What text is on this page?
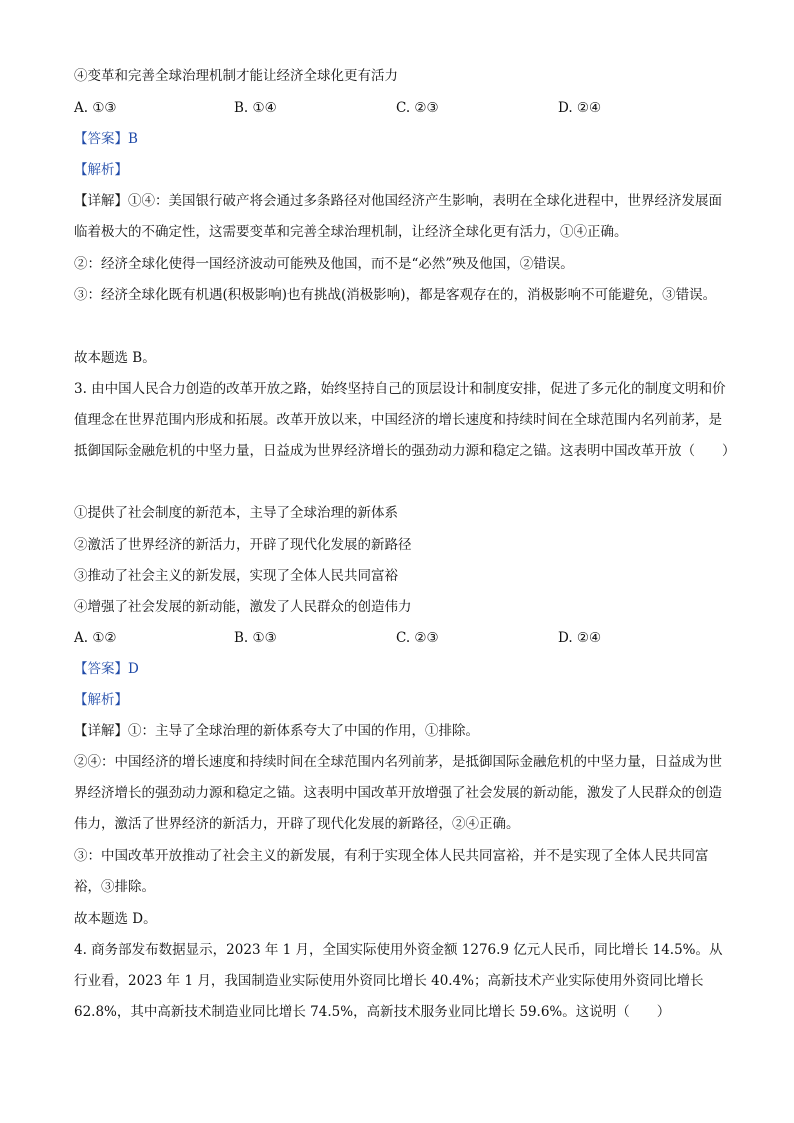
④变革和完善全球治理机制才能让经济全球化更有活力
A. ①③	B. ①④	C. ②③	D. ②④
【答案】B
【解析】
【详解】①④：美国银行破产将会通过多条路径对他国经济产生影响，表明在全球化进程中，世界经济发展面临着极大的不确定性，这需要变革和完善全球治理机制，让经济全球化更有活力，①④正确。
②：经济全球化使得一国经济波动可能殃及他国，而不是“必然”殃及他国，②错误。
③：经济全球化既有机遇(积极影响)也有挑战(消极影响)，都是客观存在的，消极影响不可能避免，③错误。
故本题选 B。
3. 由中国人民合力创造的改革开放之路，始终坚持自己的顶层设计和制度安排，促进了多元化的制度文明和价值理念在世界范围内形成和拓展。改革开放以来，中国经济的增长速度和持续时间在全球范围内名列前茅，是抵御国际金融危机的中坚力量，日益成为世界经济增长的强劲动力源和稳定之锚。这表明中国改革开放（　　）
①提供了社会制度的新范本，主导了全球治理的新体系
②激活了世界经济的新活力，开辟了现代化发展的新路径
③推动了社会主义的新发展，实现了全体人民共同富裕
④增强了社会发展的新动能，激发了人民群众的创造伟力
A. ①②	B. ①③	C. ②③	D. ②④
【答案】D
【解析】
【详解】①：主导了全球治理的新体系夸大了中国的作用，①排除。
②④：中国经济的增长速度和持续时间在全球范围内名列前茅，是抵御国际金融危机的中坚力量，日益成为世界经济增长的强劲动力源和稳定之锚。这表明中国改革开放增强了社会发展的新动能，激发了人民群众的创造伟力，激活了世界经济的新活力，开辟了现代化发展的新路径，②④正确。
③：中国改革开放推动了社会主义的新发展，有利于实现全体人民共同富裕，并不是实现了全体人民共同富裕，③排除。
故本题选 D。
4. 商务部发布数据显示，2023 年 1 月，全国实际使用外资金额 1276.9 亿元人民币，同比增长 14.5%。从行业看，2023 年 1 月，我国制造业实际使用外资同比增长 40.4%；高新技术产业实际使用外资同比增长 62.8%，其中高新技术制造业同比增长 74.5%，高新技术服务业同比增长 59.6%。这说明（　　）
